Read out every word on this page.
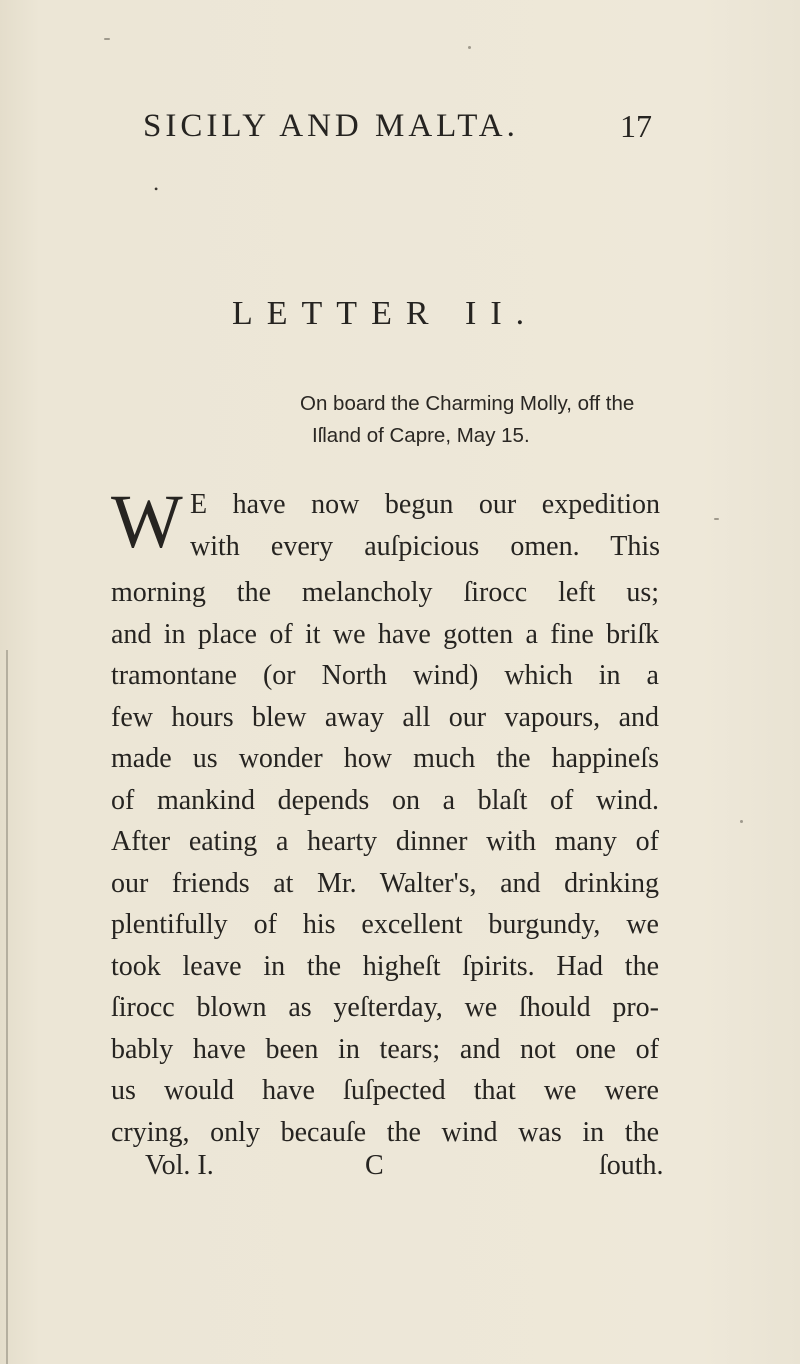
SICILY AND MALTA.	17
•
LETTER II.
On board the Charming Molly, off the
Iſland of Capre, May 15.
W E have now begun our expedition
with every auſpicious omen. This
morning the melancholy ſirocc left us;
and in place of it we have gotten a fine briſk
tramontane (or North wind) which in a
few hours blew away all our vapours, and
made us wonder how much the happineſs
of mankind depends on a blaſt of wind.
After eating a hearty dinner with many of
our friends at Mr. Walter's, and drinking
plentifully of his excellent burgundy, we
took leave in the higheſt ſpirits. Had the
ſirocc blown as yeſterday, we ſhould pro-
bably have been in tears; and not one of
us would have ſuſpected that we were
crying, only becauſe the wind was in the
Vol. I.	C	ſouth.
